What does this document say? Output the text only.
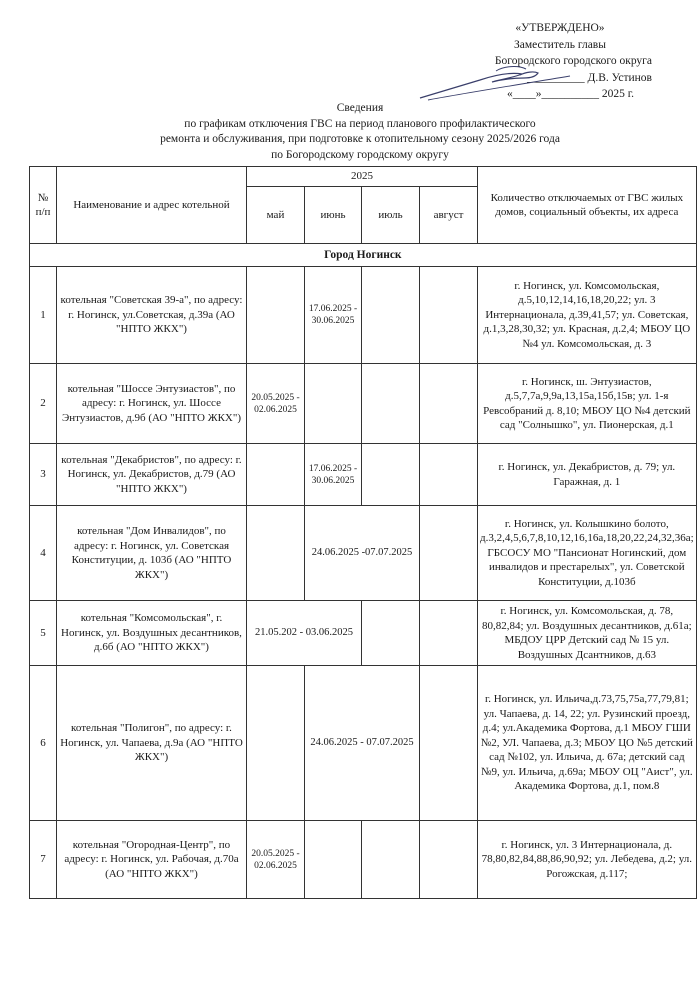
«УТВЕРЖДЕНО»
Заместитель главы
Богородского городского округа
__________ Д.В. Устинов
«____»__________ 2025 г.
Сведения
по графикам отключения ГВС на период планового профилактического
ремонта и обслуживания, при подготовке к отопительному сезону 2025/2026 года
по Богородскому городскому округу
№ п/п	Наименование и адрес котельной	2025				Количество отключаемых от ГВС жилых домов, социальный объекты, их адреса
		май	июнь	июль	август	
Город Ногинск						
1	котельная "Советская 39-а", по адресу: г. Ногинск, ул.Советская, д.39а (АО "НПТО ЖКХ")		17.06.2025 - 30.06.2025			г. Ногинск, ул. Комсомольская, д.5,10,12,14,16,18,20,22; ул. 3 Интернационала, д.39,41,57; ул. Советская, д.1,3,28,30,32; ул. Красная, д.2,4; МБОУ ЦО №4 ул. Комсомольская, д. 3
2	котельная "Шоссе Энтузиастов", по адресу: г. Ногинск, ул. Шоссе Энтузиастов, д.9б (АО "НПТО ЖКХ")	20.05.2025 - 02.06.2025				г. Ногинск, ш. Энтузиастов, д.5,7,7а,9,9а,13,15а,15б,15в; ул. 1-я Ревсобраний д. 8,10; МБОУ ЦО №4 детский сад "Солнышко", ул. Пионерская, д.1
3	котельная "Декабристов", по адресу: г. Ногинск, ул. Декабристов, д.79 (АО "НПТО ЖКХ")		17.06.2025 - 30.06.2025			г. Ногинск, ул. Декабристов, д. 79; ул. Гаражная, д. 1
4	котельная "Дом Инвалидов", по адресу: г. Ногинск, ул. Советская Конституции, д. 103б (АО "НПТО ЖКХ")		24.06.2025 -07.07.2025			г. Ногинск, ул. Колышкино болото, д.3,2,4,5,6,7,8,10,12,16,16а,18,20,22,24,32,36а; ГБСОСУ МО "Пансионат Ногинский, дом инвалидов и престарелых", ул. Советской Конституции, д.103б
5	котельная "Комсомольская", г. Ногинск, ул. Воздушных десантников, д.6б (АО "НПТО ЖКХ")	21.05.202 - 03.06.2025				г. Ногинск, ул. Комсомольская, д. 78, 80,82,84; ул. Воздушных десантников, д.61а; МБДОУ ЦРР Детский сад № 15 ул. Воздушных Дсантников, д.63
6	котельная "Полигон", по адресу: г. Ногинск, ул. Чапаева, д.9а (АО "НПТО ЖКХ")		24.06.2025 - 07.07.2025			г. Ногинск, ул. Ильича,д.73,75,75а,77,79,81; ул. Чапаева, д. 14, 22; ул. Рузинский проезд, д.4; ул.Академика Фортова, д.1 МБОУ ГШИ №2, УЛ. Чапаева, д.3; МБОУ ЦО №5 детский сад №102, ул. Ильича, д. 67а; детский сад №9, ул. Ильича, д.69а; МБОУ ОЦ "Аист", ул. Академика Фортова, д.1, пом.8
7	котельная "Огородная-Центр", по адресу: г. Ногинск, ул. Рабочая, д.70а (АО "НПТО ЖКХ")	20.05.2025 - 02.06.2025				г. Ногинск, ул. 3 Интернационала, д. 78,80,82,84,88,86,90,92; ул. Лебедева, д.2; ул. Рогожская, д.117;
